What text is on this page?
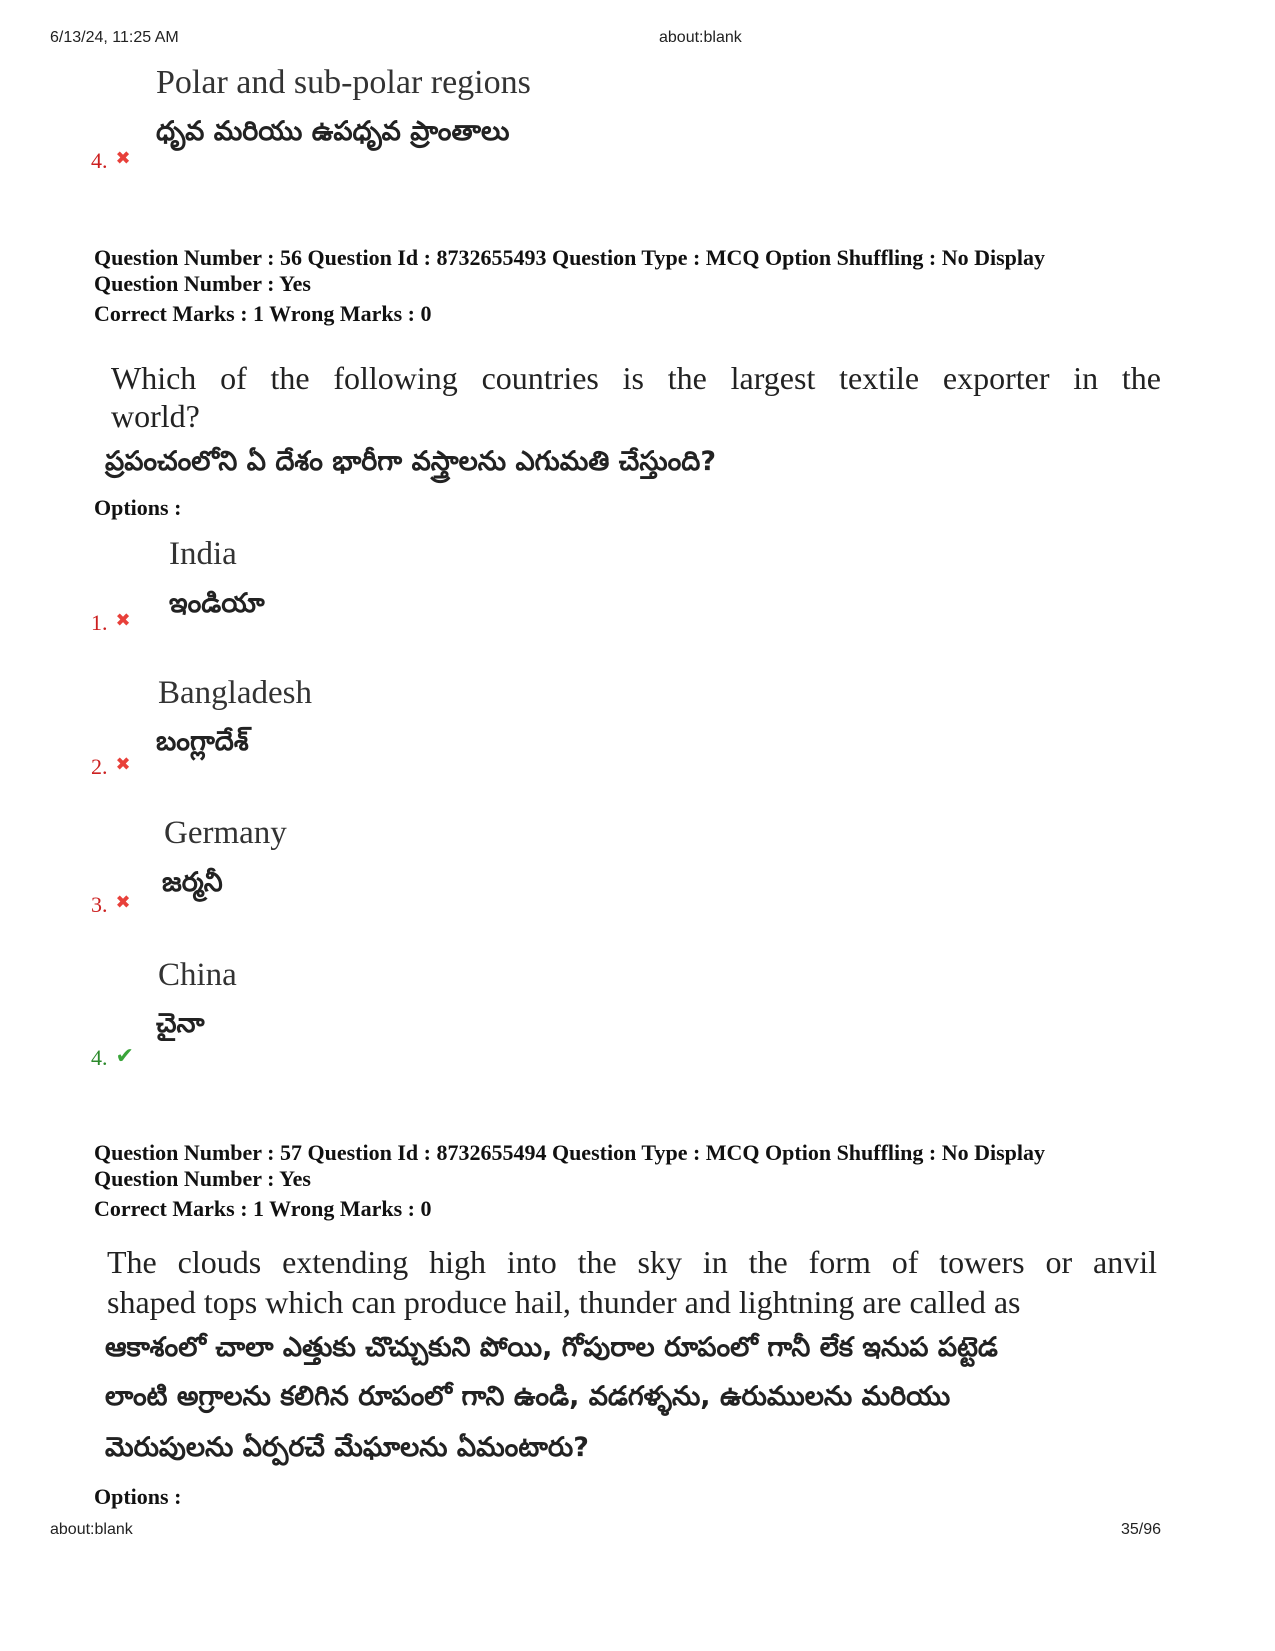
6/13/24, 11:25 AM	about:blank
Polar and sub-polar regions
ధృవ మరియు ఉపధృవ ప్రాంతాలు
4. ✖
Question Number : 56 Question Id : 8732655493 Question Type : MCQ Option Shuffling : No Display
Question Number : Yes
Correct Marks : 1 Wrong Marks : 0
Which of the following countries is the largest textile exporter in the
world?
ప్రపంచంలోని ఏ దేశం భారీగా వస్త్రాలను ఎగుమతి చేస్తుంది?
Options :
India
ఇండియా
1. ✖
Bangladesh
బంగ్లాదేశ్
2. ✖
Germany
జర్మనీ
3. ✖
China
చైనా
4. ✔
Question Number : 57 Question Id : 8732655494 Question Type : MCQ Option Shuffling : No Display
Question Number : Yes
Correct Marks : 1 Wrong Marks : 0
The clouds extending high into the sky in the form of towers or anvil
shaped tops which can produce hail, thunder and lightning are called as
ఆకాశంలో చాలా ఎత్తుకు చొచ్చుకుని పోయి, గోపురాల రూపంలో గానీ లేక ఇనుప పట్టెడ
లాంటి అగ్రాలను కలిగిన రూపంలో గాని ఉండి, వడగళ్ళను, ఉరుములను మరియు
మెరుపులను ఏర్పరచే మేఘాలను ఏమంటారు?
Options :
about:blank	35/96
